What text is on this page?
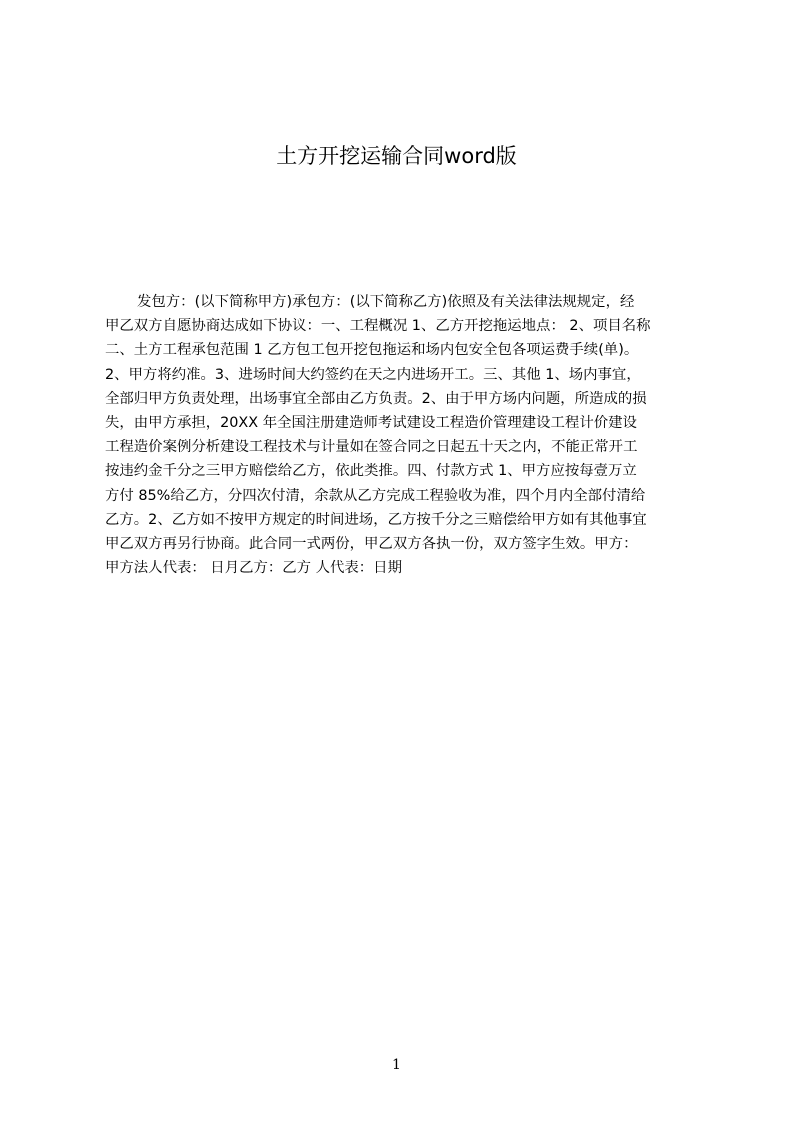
土方开挖运输合同word版
发包方：(以下简称甲方)承包方：(以下简称乙方)依照及有关法律法规规定，经
甲乙双方自愿协商达成如下协议：一、工程概况 1、乙方开挖拖运地点： 2、项目名称
二、土方工程承包范围 1 乙方包工包开挖包拖运和场内包安全包各项运费手续(单)。
2、甲方将约准。3、进场时间大约签约在天之内进场开工。三、其他 1、场内事宜，
全部归甲方负责处理，出场事宜全部由乙方负责。2、由于甲方场内问题，所造成的损
失，由甲方承担，20XX 年全国注册建造师考试建设工程造价管理建设工程计价建设
工程造价案例分析建设工程技术与计量如在签合同之日起五十天之内，不能正常开工
按违约金千分之三甲方赔偿给乙方，依此类推。四、付款方式 1、甲方应按每壹万立
方付 85%给乙方，分四次付清，余款从乙方完成工程验收为准，四个月内全部付清给
乙方。2、乙方如不按甲方规定的时间进场，乙方按千分之三赔偿给甲方如有其他事宜
甲乙双方再另行协商。此合同一式两份，甲乙双方各执一份，双方签字生效。甲方：
甲方法人代表： 日月乙方：乙方 人代表：日期
1
